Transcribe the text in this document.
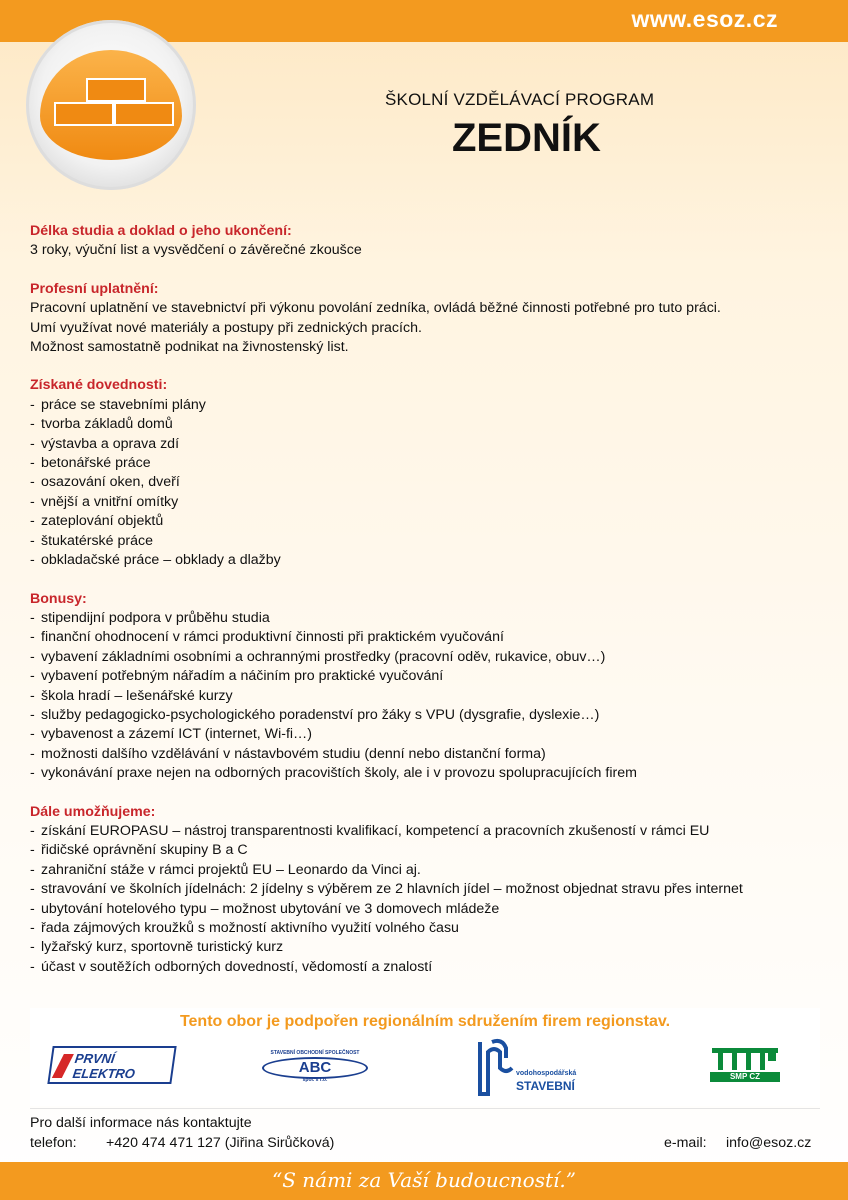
www.esoz.cz
ŠKOLNÍ VZDĚLÁVACÍ PROGRAM
ZEDNÍK

Délka studia a doklad o jeho ukončení:

3 roky, výuční list a vysvědčení o závěrečné zkoušce

Profesní uplatnění:

Pracovní uplatnění ve stavebnictví při výkonu povolání zedníka, ovládá běžné činnosti potřebné pro tuto práci.

Umí využívat nové materiály a postupy při zednických pracích.

Možnost samostatně podnikat na živnostenský list.

Získané dovednosti:

- práce se stavebními plány
- tvorba základů domů
- výstavba a oprava zdí
- betonářské práce
- osazování oken, dveří
- vnější a vnitřní omítky
- zateplování objektů
- štukatérské práce
- obkladačské práce – obklady a dlažby

Bonusy:

- stipendijní podpora v průběhu studia
- finanční ohodnocení v rámci produktivní činnosti při praktickém vyučování
- vybavení základními osobními a ochrannými prostředky (pracovní oděv, rukavice, obuv…)
- vybavení potřebným nářadím a náčiním pro praktické vyučování
- škola hradí – lešenářské kurzy
- služby pedagogicko-psychologického poradenství pro žáky s VPU (dysgrafie, dyslexie…)
- vybavenost a zázemí ICT (internet, Wi-fi…)
- možnosti dalšího vzdělávání v nástavbovém studiu (denní nebo distanční forma)
- vykonávání praxe nejen na odborných pracovištích školy, ale i v provozu spolupracujících firem

Dále umožňujeme:

- získání EUROPASU – nástroj transparentnosti kvalifikací, kompetencí a pracovních zkušeností v rámci EU
- řidičské oprávnění skupiny B a C
- zahraniční stáže v rámci projektů EU – Leonardo da Vinci aj.
- stravování ve školních jídelnách: 2 jídelny s výběrem ze 2 hlavních jídel – možnost objednat stravu přes internet
- ubytování hotelového typu – možnost ubytování ve 3 domovech mládeže
- řada zájmových kroužků s možností aktivního využití volného času
- lyžařský kurz, sportovně turistický kurz
- účast v soutěžích odborných dovedností, vědomostí a znalostí
Tento obor je podpořen regionálním sdružením firem regionstav.
PRVNÍ
ELEKTRO
STAVEBNÍ OBCHODNÍ SPOLEČNOST
ABC
spol. s r.o.
vodohospodářská
STAVEBNÍ
SMP CZ
Pro další informace nás kontaktujte
telefon: +420 474 471 127 (Jiřina Sirůčková)	e-mail: info@esoz.cz
“S námi za Vaší budoucností.”
